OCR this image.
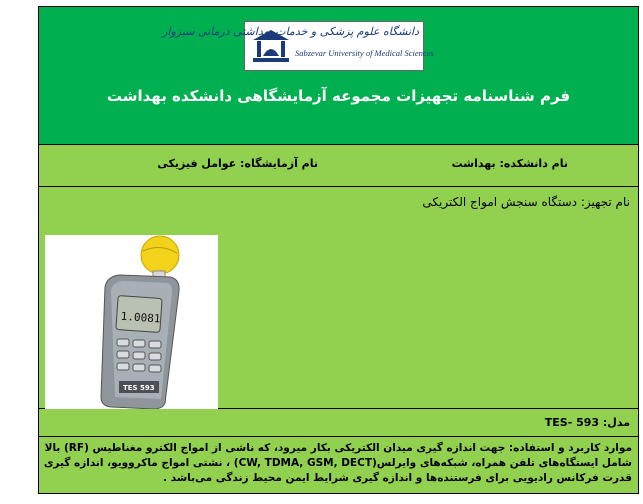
دانشگاه علوم پزشکی و خدمات بهداشتی درمانی سبزوار
Sabzevar University of Medical Sciences
فرم شناسنامه تجهیزات مجموعه آزمایشگاهی دانشکده بهداشت
نام دانشکده: بهداشت
نام آزمایشگاه: عوامل فیزیکی
نام تجهیز: دستگاه سنجش امواج الکتریکی
1.0081
TES 593
مدل: TES- 593
موارد کاربرد و استفاده: جهت اندازه گیری میدان الکتریکی بکار میرود، که ناشی از امواج الکترو مغناطیس (RF) بالا
شامل ایستگاه‌های تلفن همراه، شبکه‌های وایرلس(CW, TDMA, GSM, DECT) ، نشتی امواج ماکروویو، اندازه گیری
قدرت فرکانس رادیویی برای فرستنده‌ها و اندازه گیری شرایط ایمن محیط زندگی می‌باشد .
